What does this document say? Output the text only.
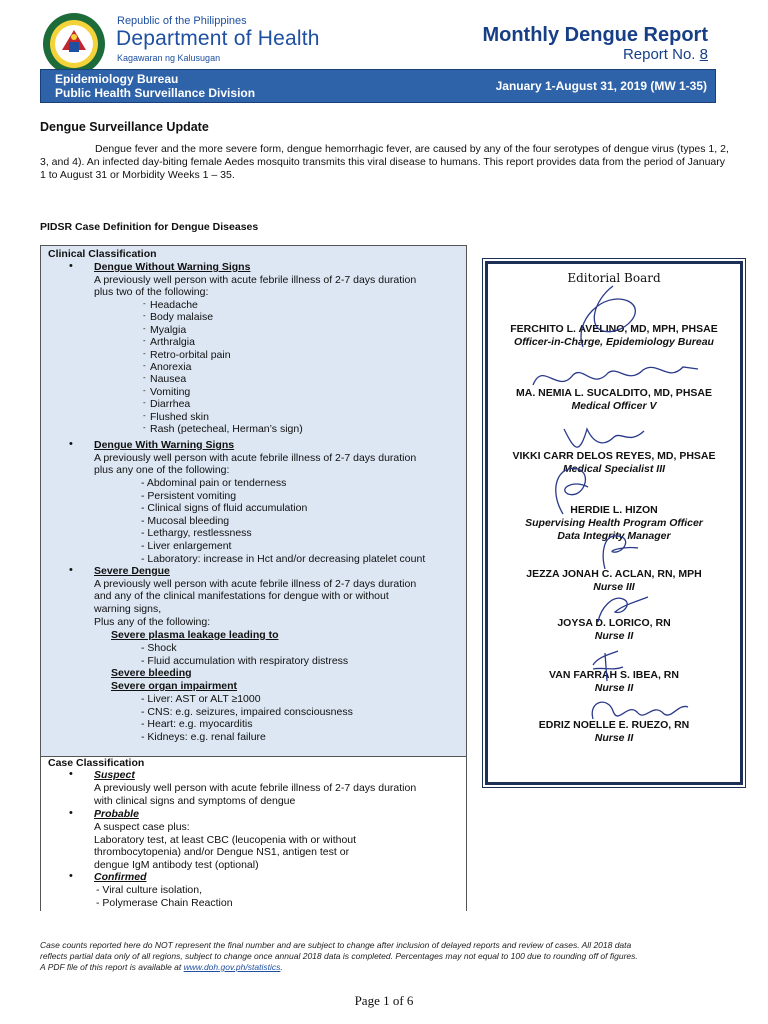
Republic of the Philippines
Department of Health
Kagawaran ng Kalusugan
Monthly Dengue Report
Report No. 8
Epidemiology Bureau
Public Health Surveillance Division	January 1-August 31, 2019 (MW 1-35)
Dengue Surveillance Update
Dengue fever and the more severe form, dengue hemorrhagic fever, are caused by any of the four serotypes of dengue virus (types 1, 2, 3, and 4). An infected day-biting female Aedes mosquito transmits this viral disease to humans. This report provides data from the period of January 1 to August 31 or Morbidity Weeks 1 – 35.
PIDSR Case Definition for Dengue Diseases
Clinical Classification
• Dengue Without Warning Signs
A previously well person with acute febrile illness of 2-7 days duration
plus two of the following:
- Headache
- Body malaise
- Myalgia
- Arthralgia
- Retro-orbital pain
- Anorexia
- Nausea
- Vomiting
- Diarrhea
- Flushed skin
- Rash (petecheal, Herman’s sign)
• Dengue With Warning Signs
A previously well person with acute febrile illness of 2-7 days duration
plus any one of the following:
- Abdominal pain or tenderness
- Persistent vomiting
- Clinical signs of fluid accumulation
- Mucosal bleeding
- Lethargy, restlessness
- Liver enlargement
- Laboratory: increase in Hct and/or decreasing platelet count
• Severe Dengue
A previously well person with acute febrile illness of 2-7 days duration
and any of the clinical manifestations for dengue with or without
warning signs,
Plus any of the following:
Severe plasma leakage leading to
- Shock
- Fluid accumulation with respiratory distress
Severe bleeding
Severe organ impairment
- Liver: AST or ALT ≥1000
- CNS: e.g. seizures, impaired consciousness
- Heart: e.g. myocarditis
- Kidneys: e.g. renal failure
Case Classification
• Suspect
A previously well person with acute febrile illness of 2-7 days duration
with clinical signs and symptoms of dengue
• Probable
A suspect case plus:
Laboratory test, at least CBC (leucopenia with or without
thrombocytopenia) and/or Dengue NS1, antigen test or
dengue IgM antibody test (optional)
• Confirmed
- Viral culture isolation,
- Polymerase Chain Reaction
Editorial Board
FERCHITO L. AVELINO, MD, MPH, PHSAE
Officer-in-Charge, Epidemiology Bureau
MA. NEMIA L. SUCALDITO, MD, PHSAE
Medical Officer V
VIKKI CARR DELOS REYES, MD, PHSAE
Medical Specialist III
HERDIE L. HIZON
Supervising Health Program Officer
Data Integrity Manager
JEZZA JONAH C. ACLAN, RN, MPH
Nurse III
JOYSA D. LORICO, RN
Nurse II
VAN FARRAH S. IBEA, RN
Nurse II
EDRIZ NOELLE E. RUEZO, RN
Nurse II
Case counts reported here do NOT represent the final number and are subject to change after inclusion of delayed reports and review of cases. All 2018 data
reflects partial data only of all regions, subject to change once annual 2018 data is completed. Percentages may not equal to 100 due to rounding off of figures.
A PDF file of this report is available at www.doh.gov.ph/statistics.
Page 1 of 6
